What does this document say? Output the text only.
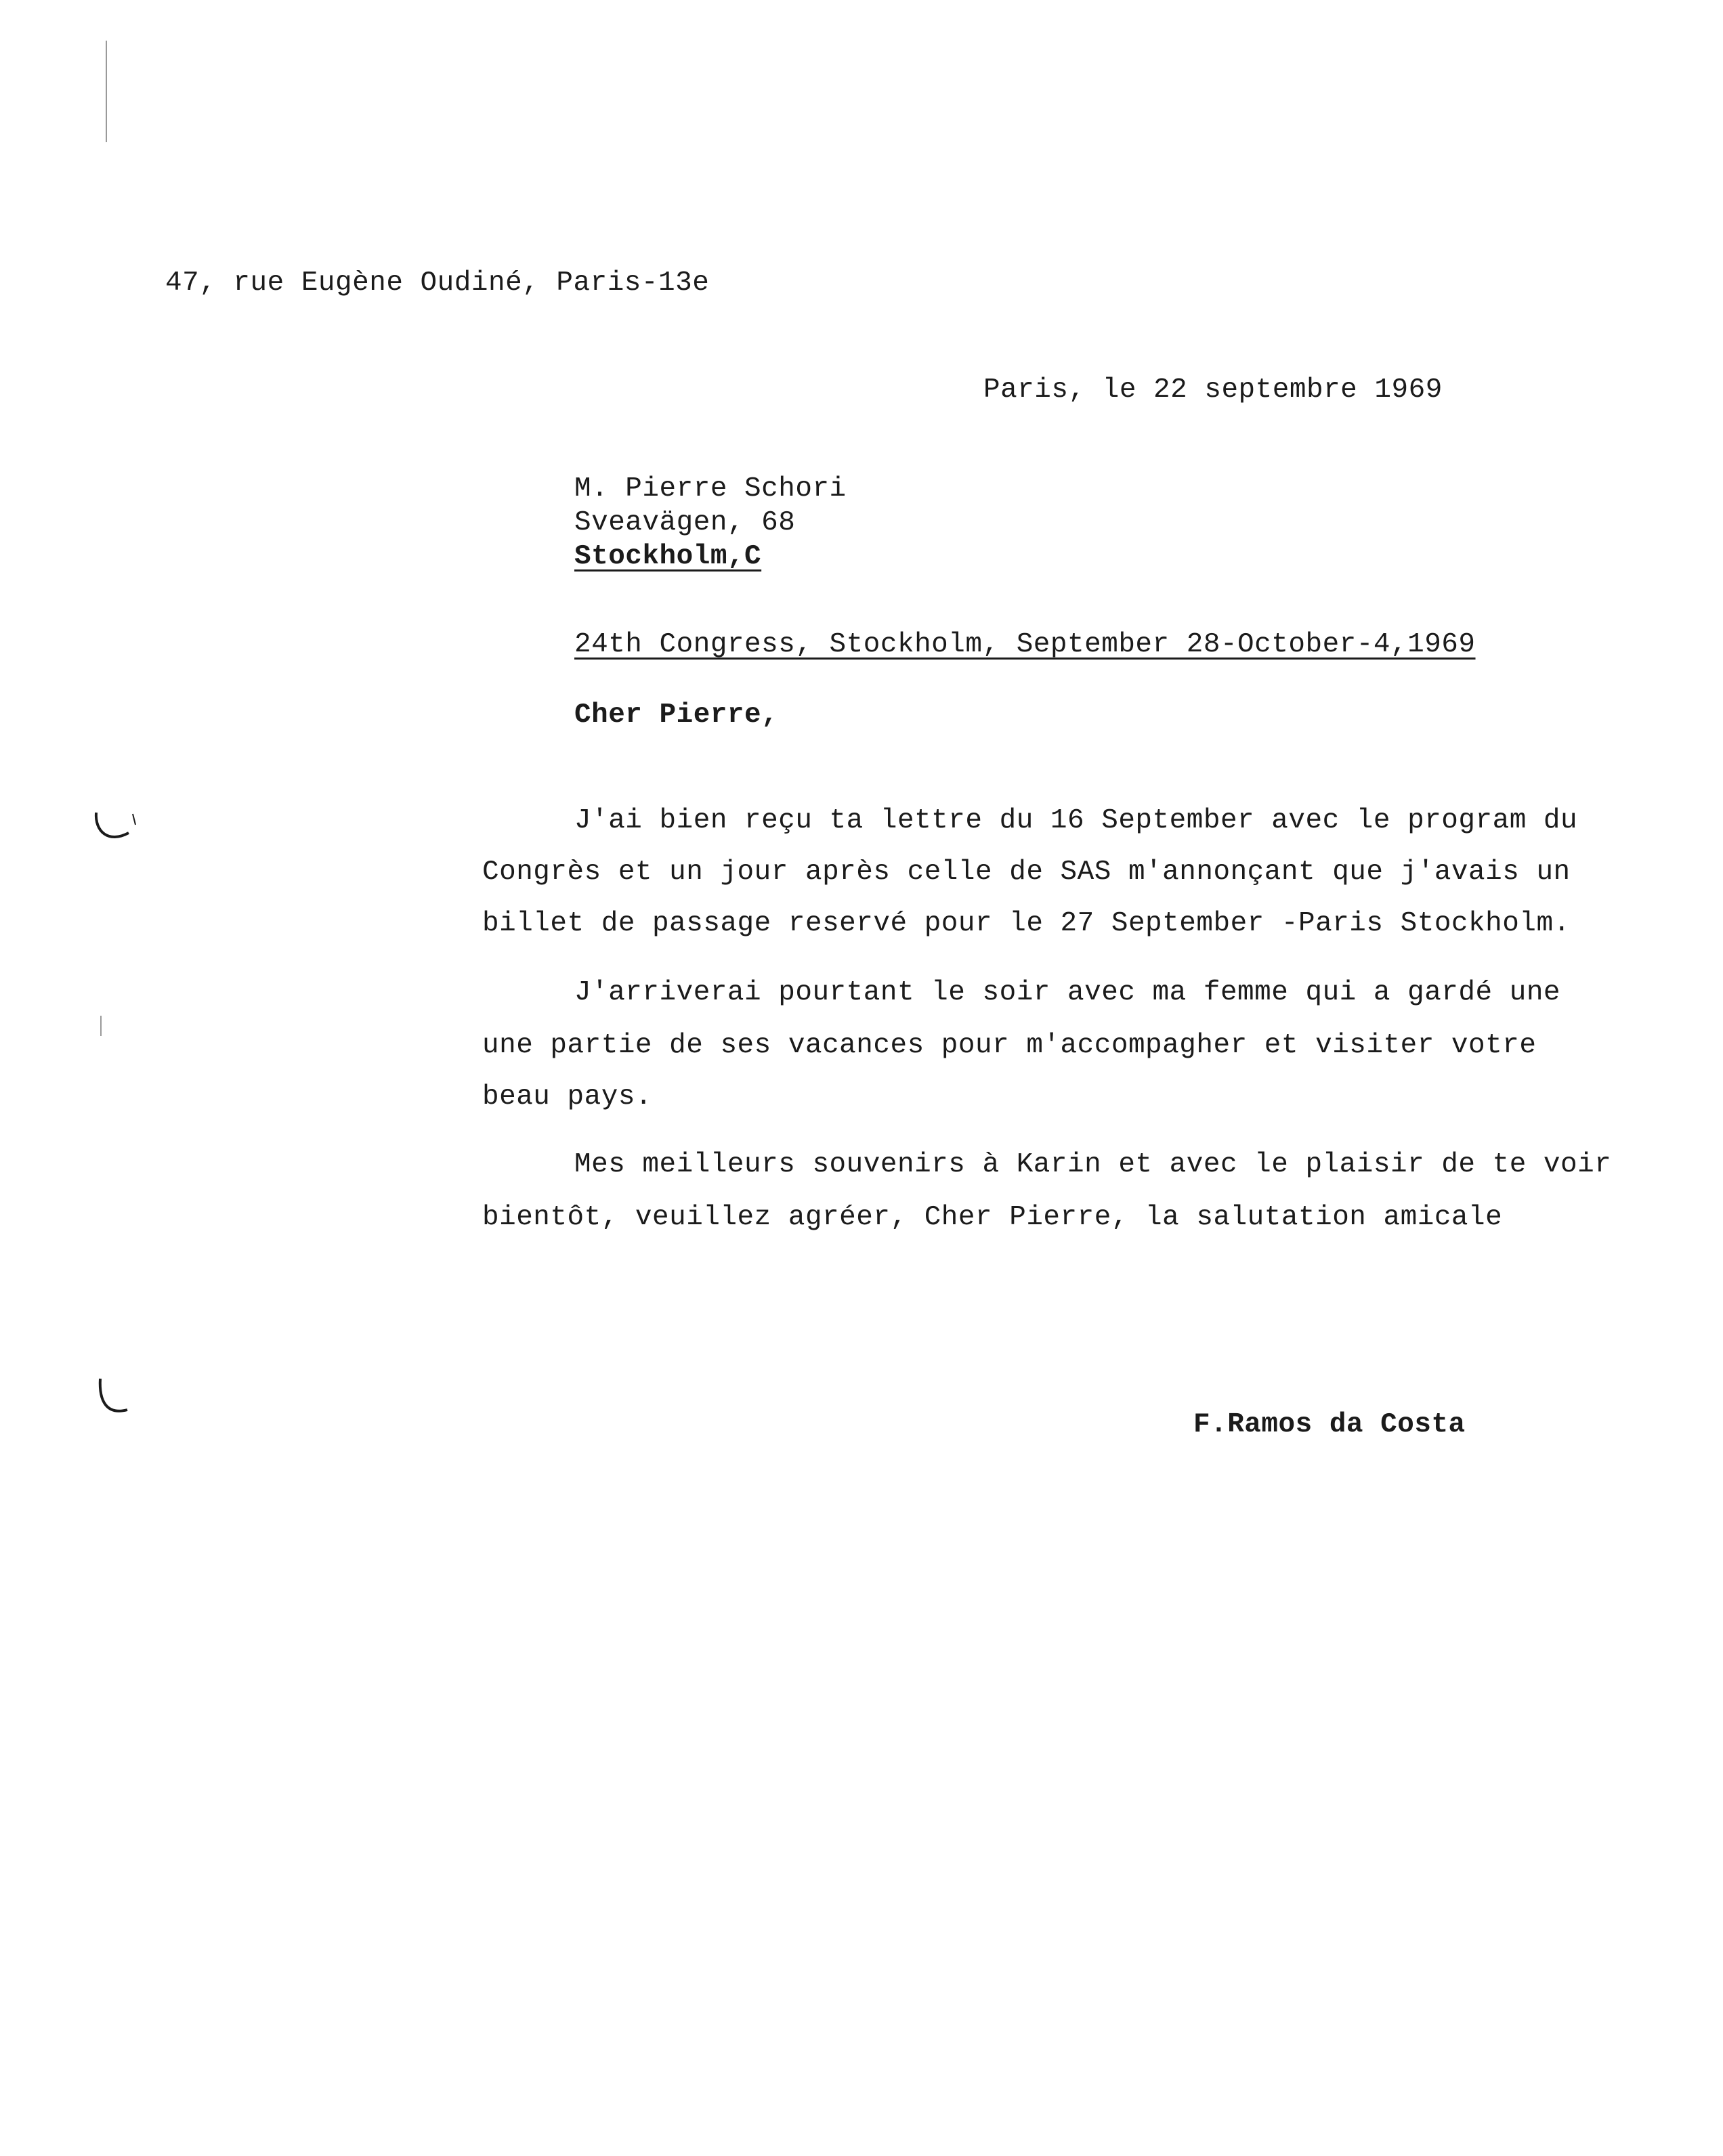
47, rue Eugène Oudiné, Paris-13e
Paris, le 22 septembre 1969
M. Pierre Schori
Sveavägen, 68
Stockholm,C
24th Congress, Stockholm, September 28-October-4,1969
Cher Pierre,
J'ai bien reçu ta lettre du 16 September avec le program du
Congrès et un jour après celle de SAS m'annonçant que j'avais un
billet de passage reservé pour le 27 September -Paris Stockholm.
J'arriverai pourtant le soir avec ma femme qui a gardé une
une partie de ses vacances pour m'accompagher et visiter votre
beau pays.
Mes meilleurs souvenirs à Karin et avec le plaisir de te voir
bientôt, veuillez agréer, Cher Pierre, la salutation amicale
F.Ramos da Costa
